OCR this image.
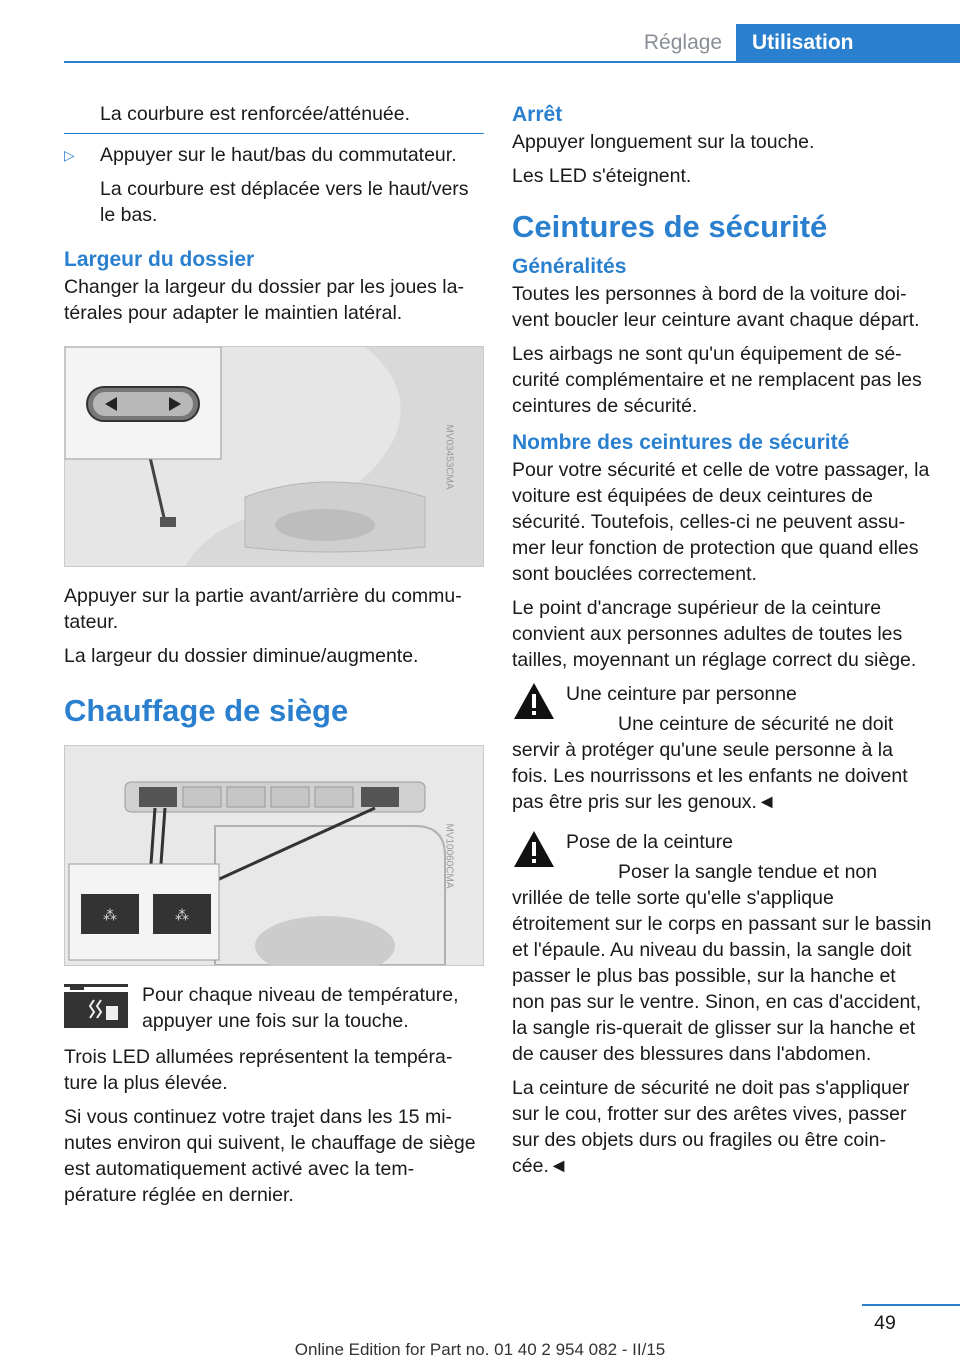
Réglage	Utilisation

La courbure est renforcée/atténuée.

▷ Appuyer sur le haut/bas du commutateur.

La courbure est déplacée vers le haut/vers le bas.

Largeur du dossier

Changer la largeur du dossier par les joues la-térales pour adapter le maintien latéral.

MV03453CMA

Appuyer sur la partie avant/arrière du commu-tateur.

La largeur du dossier diminue/augmente.

Chauffage de siège
⁂	⁂
MV10060CMA
Pour chaque niveau de température, appuyer une fois sur la touche.

Trois LED allumées représentent la tempéra-ture la plus élevée.

Si vous continuez votre trajet dans les 15 mi-nutes environ qui suivent, le chauffage de siège est automatiquement activé avec la tem-pérature réglée en dernier.

Arrêt

Appuyer longuement sur la touche.

Les LED s'éteignent.

Ceintures de sécurité
Généralités

Toutes les personnes à bord de la voiture doi-vent boucler leur ceinture avant chaque départ.

Les airbags ne sont qu'un équipement de sé-curité complémentaire et ne remplacent pas les ceintures de sécurité.

Nombre des ceintures de sécurité

Pour votre sécurité et celle de votre passager, la voiture est équipées de deux ceintures de sécurité. Toutefois, celles-ci ne peuvent assu-mer leur fonction de protection que quand elles sont bouclées correctement.

Le point d'ancrage supérieur de la ceinture convient aux personnes adultes de toutes les tailles, moyennant un réglage correct du siège.

Une ceinture par personne

Une ceinture de sécurité ne doit servir à protéger qu'une seule personne à la fois. Les nourrissons et les enfants ne doivent pas être pris sur les genoux.◄

Pose de la ceinture

Poser la sangle tendue et non vrillée de telle sorte qu'elle s'applique étroitement sur le corps en passant sur le bassin et l'épaule. Au niveau du bassin, la sangle doit passer le plus bas possible, sur la hanche et non pas sur le ventre. Sinon, en cas d'accident, la sangle ris-querait de glisser sur la hanche et de causer des blessures dans l'abdomen.

La ceinture de sécurité ne doit pas s'appliquer sur le cou, frotter sur des arêtes vives, passer sur des objets durs ou fragiles ou être coin-cée.◄

49
Online Edition for Part no. 01 40 2 954 082 - II/15
